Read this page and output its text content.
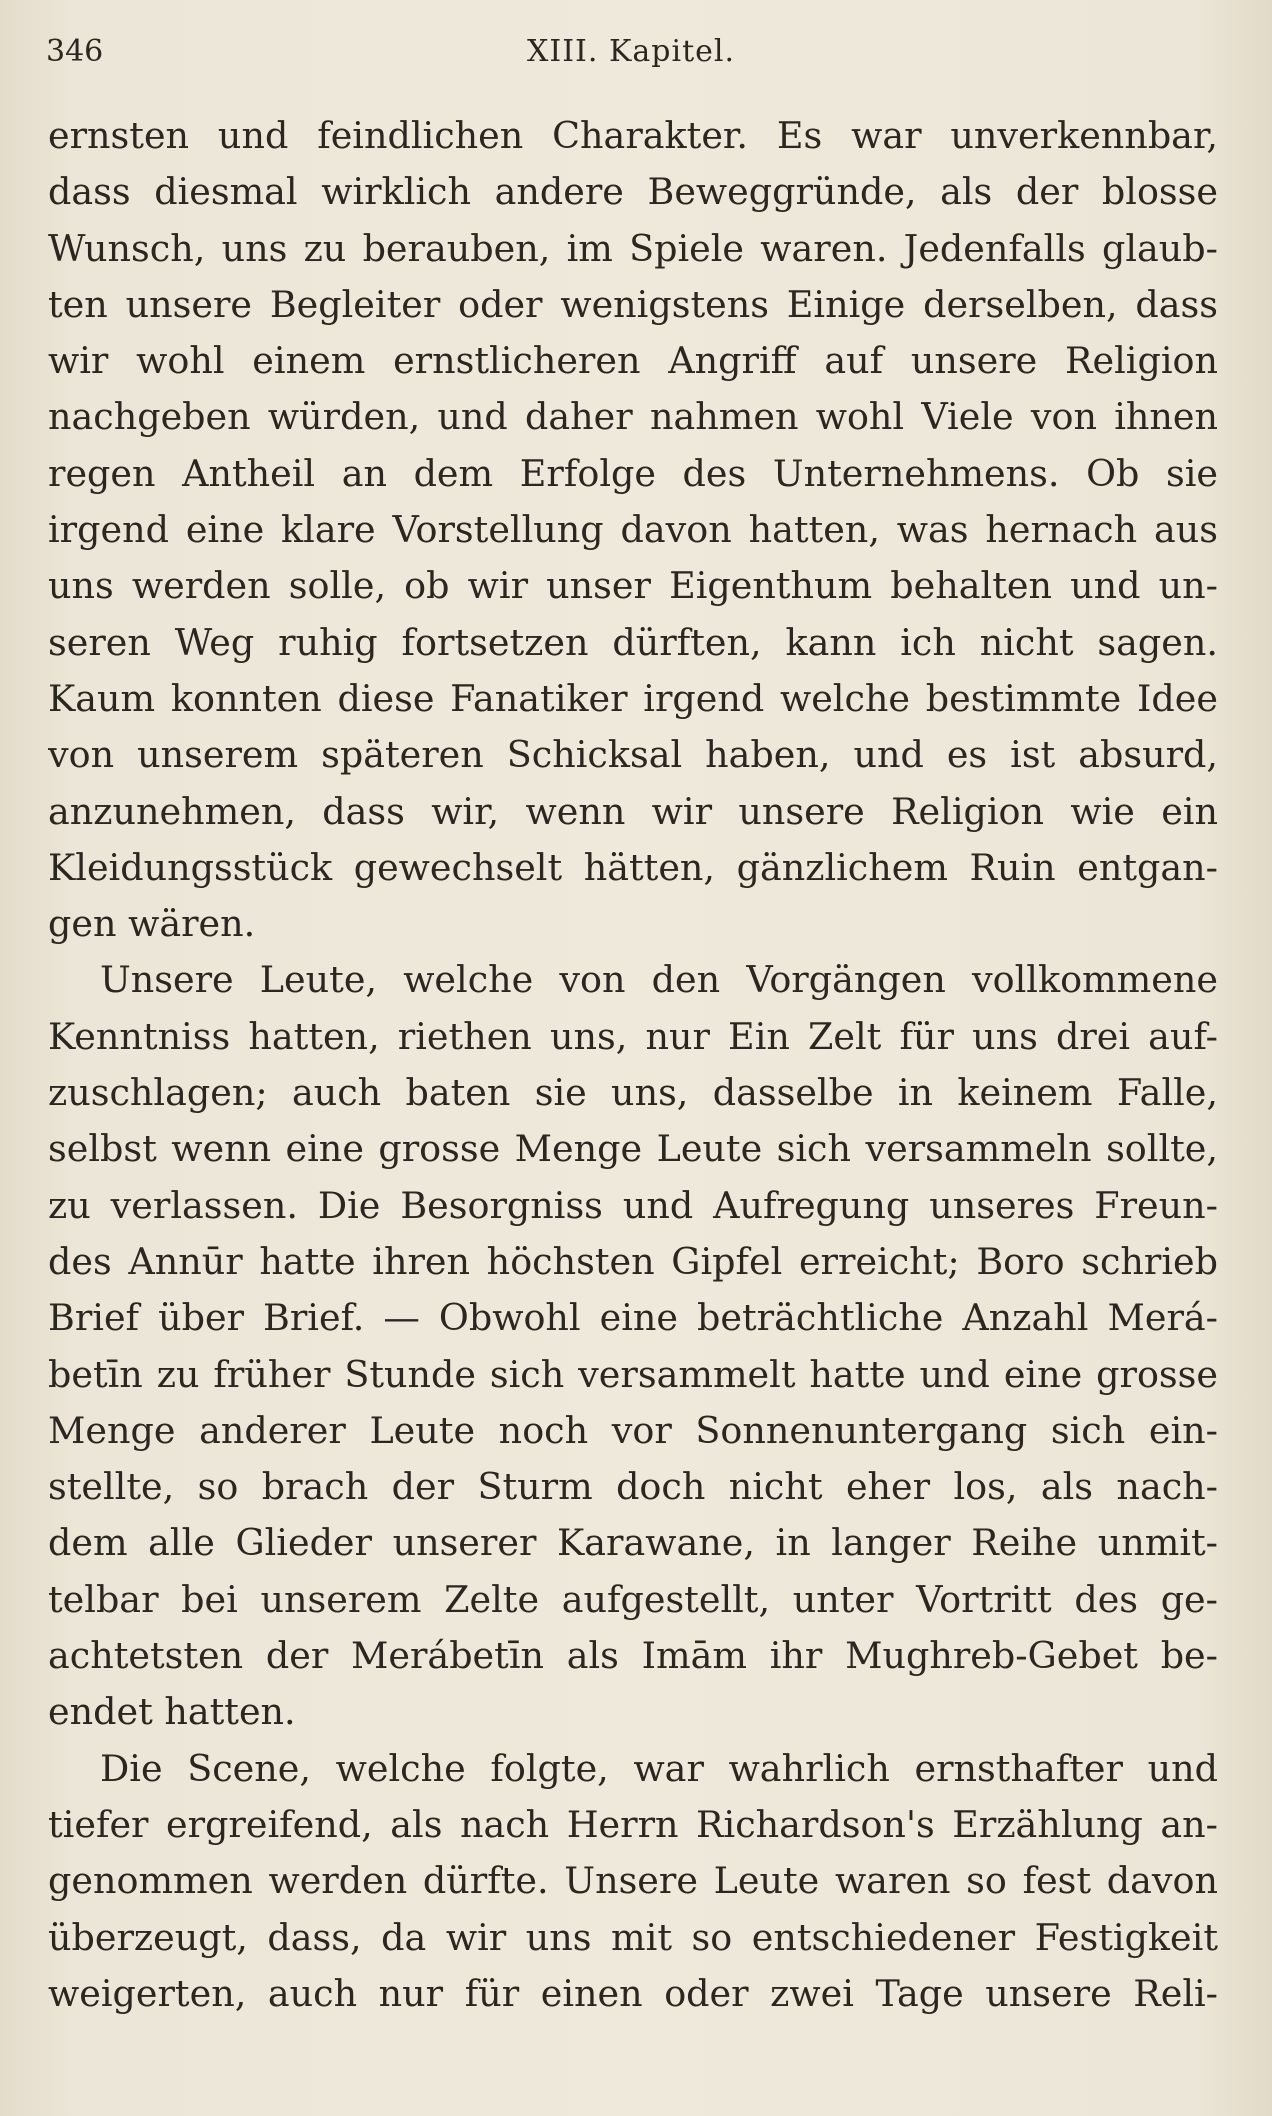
346	XIII. Kapitel.
ernsten und feindlichen Charakter. Es war unverkennbar,
dass diesmal wirklich andere Beweggründe, als der blosse
Wunsch, uns zu berauben, im Spiele waren. Jedenfalls glaub-
ten unsere Begleiter oder wenigstens Einige derselben, dass
wir wohl einem ernstlicheren Angriff auf unsere Religion
nachgeben würden, und daher nahmen wohl Viele von ihnen
regen Antheil an dem Erfolge des Unternehmens. Ob sie
irgend eine klare Vorstellung davon hatten, was hernach aus
uns werden solle, ob wir unser Eigenthum behalten und un-
seren Weg ruhig fortsetzen dürften, kann ich nicht sagen.
Kaum konnten diese Fanatiker irgend welche bestimmte Idee
von unserem späteren Schicksal haben, und es ist absurd,
anzunehmen, dass wir, wenn wir unsere Religion wie ein
Kleidungsstück gewechselt hätten, gänzlichem Ruin entgan-
gen wären.
Unsere Leute, welche von den Vorgängen vollkommene
Kenntniss hatten, riethen uns, nur Ein Zelt für uns drei auf-
zuschlagen; auch baten sie uns, dasselbe in keinem Falle,
selbst wenn eine grosse Menge Leute sich versammeln sollte,
zu verlassen. Die Besorgniss und Aufregung unseres Freun-
des Annūr hatte ihren höchsten Gipfel erreicht; Boro schrieb
Brief über Brief. — Obwohl eine beträchtliche Anzahl Merá-
betīn zu früher Stunde sich versammelt hatte und eine grosse
Menge anderer Leute noch vor Sonnenuntergang sich ein-
stellte, so brach der Sturm doch nicht eher los, als nach-
dem alle Glieder unserer Karawane, in langer Reihe unmit-
telbar bei unserem Zelte aufgestellt, unter Vortritt des ge-
achtetsten der Merábetīn als Imām ihr Mughreb-Gebet be-
endet hatten.
Die Scene, welche folgte, war wahrlich ernsthafter und
tiefer ergreifend, als nach Herrn Richardson's Erzählung an-
genommen werden dürfte. Unsere Leute waren so fest davon
überzeugt, dass, da wir uns mit so entschiedener Festigkeit
weigerten, auch nur für einen oder zwei Tage unsere Reli-
